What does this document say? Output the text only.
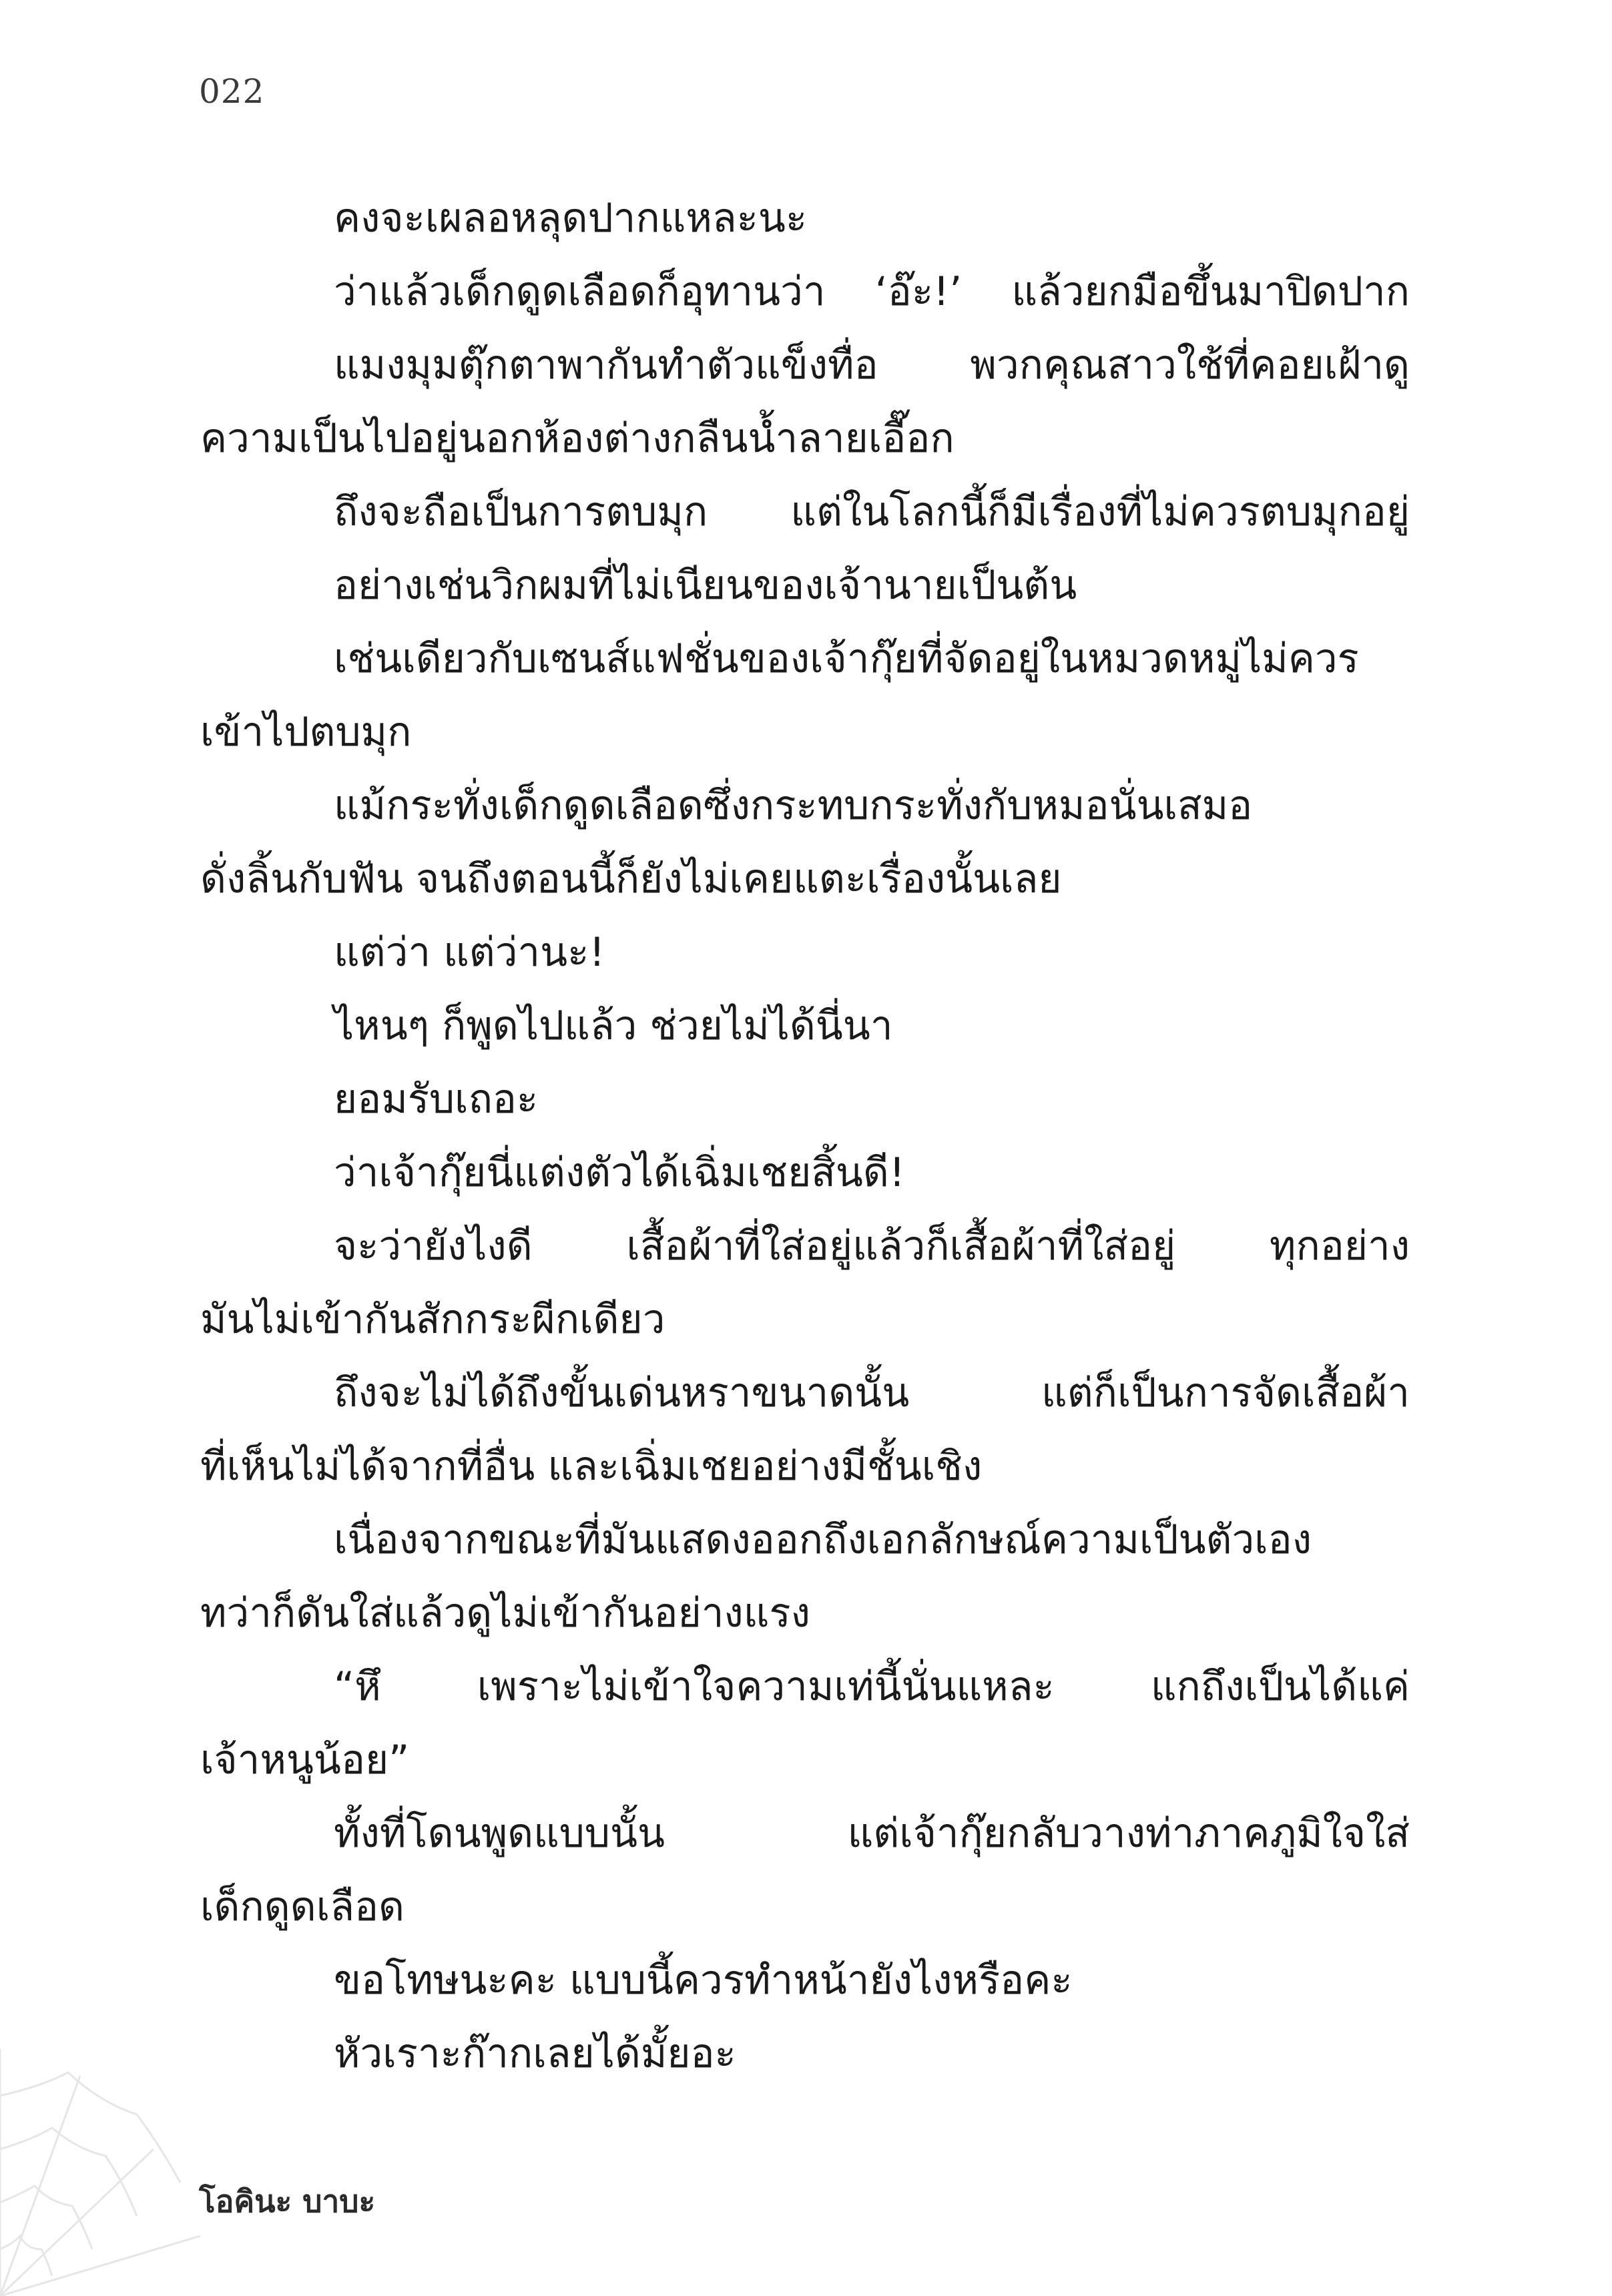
022
คงจะเผลอหลุดปากแหละนะ
ว่าแล้วเด็กดูดเลือดก็อุทานว่า ‘อ๊ะ!’ แล้วยกมือขึ้นมาปิดปาก
แมงมุมตุ๊กตาพากันทำตัวแข็งทื่อ พวกคุณสาวใช้ที่คอยเฝ้าดู
ความเป็นไปอยู่นอกห้องต่างกลืนน้ำลายเอื๊อก
ถึงจะถือเป็นการตบมุก แต่ในโลกนี้ก็มีเรื่องที่ไม่ควรตบมุกอยู่
อย่างเช่นวิกผมที่ไม่เนียนของเจ้านายเป็นต้น
เช่นเดียวกับเซนส์แฟชั่นของเจ้ากุ๊ยที่จัดอยู่ในหมวดหมู่ไม่ควร
เข้าไปตบมุก
แม้กระทั่งเด็กดูดเลือดซึ่งกระทบกระทั่งกับหมอนั่นเสมอ
ดั่งลิ้นกับฟัน จนถึงตอนนี้ก็ยังไม่เคยแตะเรื่องนั้นเลย
แต่ว่า แต่ว่านะ!
ไหนๆ ก็พูดไปแล้ว ช่วยไม่ได้นี่นา
ยอมรับเถอะ
ว่าเจ้ากุ๊ยนี่แต่งตัวได้เฉิ่มเชยสิ้นดี!
จะว่ายังไงดี เสื้อผ้าที่ใส่อยู่แล้วก็เสื้อผ้าที่ใส่อยู่ ทุกอย่าง
มันไม่เข้ากันสักกระผีกเดียว
ถึงจะไม่ได้ถึงขั้นเด่นหราขนาดนั้น แต่ก็เป็นการจัดเสื้อผ้า
ที่เห็นไม่ได้จากที่อื่น และเฉิ่มเชยอย่างมีชั้นเชิง
เนื่องจากขณะที่มันแสดงออกถึงเอกลักษณ์ความเป็นตัวเอง
ทว่าก็ดันใส่แล้วดูไม่เข้ากันอย่างแรง
“หึ เพราะไม่เข้าใจความเท่นี้นั่นแหละ แกถึงเป็นได้แค่
เจ้าหนูน้อย”
ทั้งที่โดนพูดแบบนั้น แต่เจ้ากุ๊ยกลับวางท่าภาคภูมิใจใส่
เด็กดูดเลือด
ขอโทษนะคะ แบบนี้ควรทำหน้ายังไงหรือคะ
หัวเราะก๊ากเลยได้มั้ยอะ
โอคินะ บาบะ
